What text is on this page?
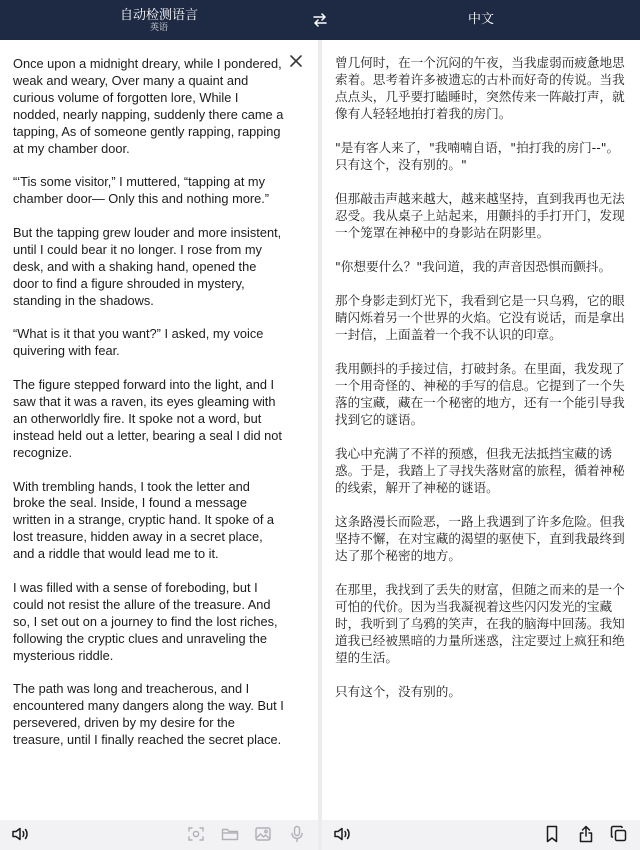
自动检测语言
英语
中文

Once upon a midnight dreary, while I pondered, weak and weary, Over many a quaint and curious volume of forgotten lore, While I nodded, nearly napping, suddenly there came a tapping, As of someone gently rapping, rapping at my chamber door.

“‘Tis some visitor,” I muttered, “tapping at my chamber door— Only this and nothing more.”

But the tapping grew louder and more insistent, until I could bear it no longer. I rose from my desk, and with a shaking hand, opened the door to find a figure shrouded in mystery, standing in the shadows.

“What is it that you want?” I asked, my voice quivering with fear.

The figure stepped forward into the light, and I saw that it was a raven, its eyes gleaming with an otherworldly fire. It spoke not a word, but instead held out a letter, bearing a seal I did not recognize.

With trembling hands, I took the letter and broke the seal. Inside, I found a message written in a strange, cryptic hand. It spoke of a lost treasure, hidden away in a secret place, and a riddle that would lead me to it.

I was filled with a sense of foreboding, but I could not resist the allure of the treasure. And so, I set out on a journey to find the lost riches, following the cryptic clues and unraveling the mysterious riddle.

The path was long and treacherous, and I encountered many dangers along the way. But I persevered, driven by my desire for the treasure, until I finally reached the secret place.

曾几何时，在一个沉闷的午夜，当我虚弱而疲惫地思索着。思考着许多被遗忘的古朴而好奇的传说。当我点点头，几乎要打瞌睡时，突然传来一阵敲打声，就像有人轻轻地拍打着我的房门。

"是有客人来了，"我喃喃自语，"拍打我的房门--"。只有这个，没有别的。"

但那敲击声越来越大，越来越坚持，直到我再也无法忍受。我从桌子上站起来，用颤抖的手打开门，发现一个笼罩在神秘中的身影站在阴影里。

"你想要什么？"我问道，我的声音因恐惧而颤抖。

那个身影走到灯光下，我看到它是一只乌鸦，它的眼睛闪烁着另一个世界的火焰。它没有说话，而是拿出一封信，上面盖着一个我不认识的印章。

我用颤抖的手接过信，打破封条。在里面，我发现了一个用奇怪的、神秘的手写的信息。它提到了一个失落的宝藏，藏在一个秘密的地方，还有一个能引导我找到它的谜语。

我心中充满了不祥的预感，但我无法抵挡宝藏的诱惑。于是，我踏上了寻找失落财富的旅程，循着神秘的线索，解开了神秘的谜语。

这条路漫长而险恶，一路上我遇到了许多危险。但我坚持不懈，在对宝藏的渴望的驱使下，直到我最终到达了那个秘密的地方。

在那里，我找到了丢失的财富，但随之而来的是一个可怕的代价。因为当我凝视着这些闪闪发光的宝藏时，我听到了乌鸦的笑声，在我的脑海中回荡。我知道我已经被黑暗的力量所迷惑，注定要过上疯狂和绝望的生活。

只有这个，没有别的。
